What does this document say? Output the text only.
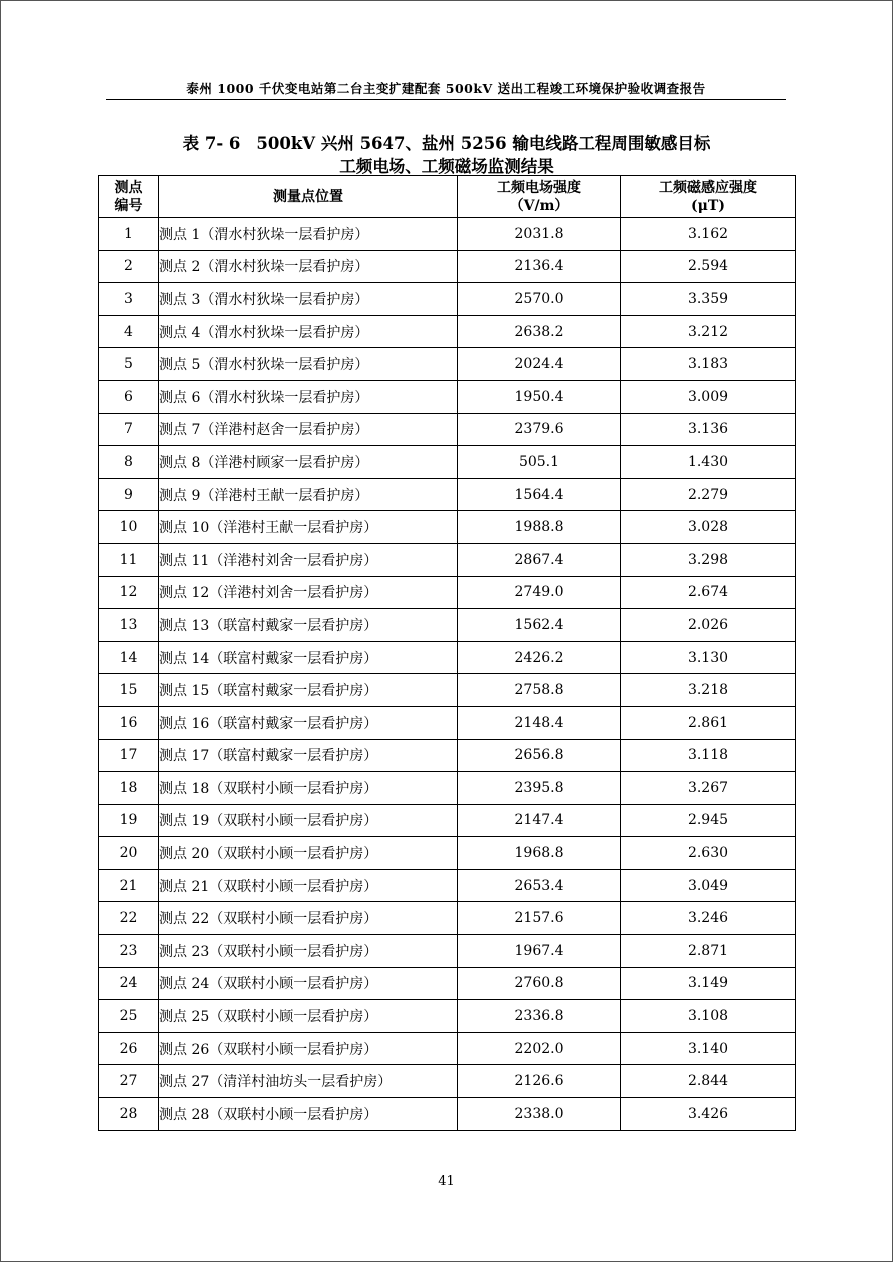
泰州 1000 千伏变电站第二台主变扩建配套 500kV 送出工程竣工环境保护验收调查报告
表 7- 6 500kV 兴州 5647、盐州 5256 输电线路工程周围敏感目标
工频电场、工频磁场监测结果
测点编号	测量点位置	工频电场强度（V/m）	工频磁感应强度(μT)

1	测点 1（渭水村狄垛一层看护房）	2031.8	3.162
2	测点 2（渭水村狄垛一层看护房）	2136.4	2.594
3	测点 3（渭水村狄垛一层看护房）	2570.0	3.359
4	测点 4（渭水村狄垛一层看护房）	2638.2	3.212
5	测点 5（渭水村狄垛一层看护房）	2024.4	3.183
6	测点 6（渭水村狄垛一层看护房）	1950.4	3.009
7	测点 7（洋港村赵舍一层看护房）	2379.6	3.136
8	测点 8（洋港村顾家一层看护房）	505.1	1.430
9	测点 9（洋港村王献一层看护房）	1564.4	2.279
10	测点 10（洋港村王献一层看护房）	1988.8	3.028
11	测点 11（洋港村刘舍一层看护房）	2867.4	3.298
12	测点 12（洋港村刘舍一层看护房）	2749.0	2.674
13	测点 13（联富村戴家一层看护房）	1562.4	2.026
14	测点 14（联富村戴家一层看护房）	2426.2	3.130
15	测点 15（联富村戴家一层看护房）	2758.8	3.218
16	测点 16（联富村戴家一层看护房）	2148.4	2.861
17	测点 17（联富村戴家一层看护房）	2656.8	3.118
18	测点 18（双联村小顾一层看护房）	2395.8	3.267
19	测点 19（双联村小顾一层看护房）	2147.4	2.945
20	测点 20（双联村小顾一层看护房）	1968.8	2.630
21	测点 21（双联村小顾一层看护房）	2653.4	3.049
22	测点 22（双联村小顾一层看护房）	2157.6	3.246
23	测点 23（双联村小顾一层看护房）	1967.4	2.871
24	测点 24（双联村小顾一层看护房）	2760.8	3.149
25	测点 25（双联村小顾一层看护房）	2336.8	3.108
26	测点 26（双联村小顾一层看护房）	2202.0	3.140
27	测点 27（清洋村油坊头一层看护房）	2126.6	2.844
28	测点 28（双联村小顾一层看护房）	2338.0	3.426
41
